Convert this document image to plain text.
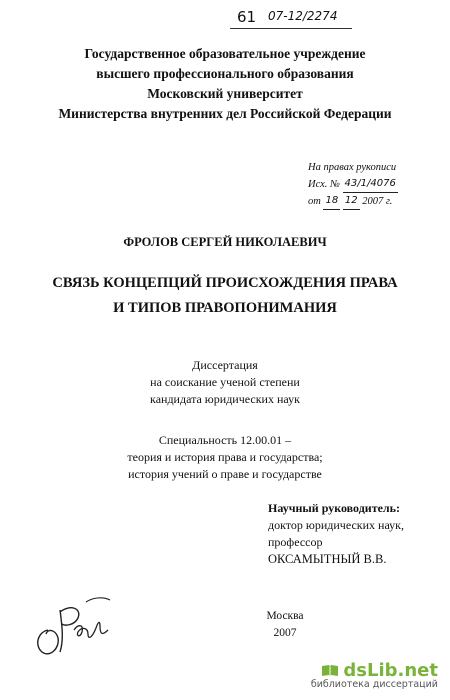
61 07-12/2274
Государственное образовательное учреждение
высшего профессионального образования
Московский университет
Министерства внутренних дел Российской Федерации
На правах рукописи
Исх. №
43/1/4076
от
18
12
2007 г.
ФРОЛОВ СЕРГЕЙ НИКОЛАЕВИЧ
СВЯЗЬ КОНЦЕПЦИЙ ПРОИСХОЖДЕНИЯ ПРАВА
И ТИПОВ ПРАВОПОНИМАНИЯ
Диссертация
на соискание ученой степени
кандидата юридических наук
Специальность 12.00.01 –
теория и история права и государства;
история учений о праве и государстве
Научный руководитель:
доктор юридических наук,
профессор
ОКСАМЫТНЫЙ В.В.
Москва
2007
dsLib.net
библиотека диссертаций
